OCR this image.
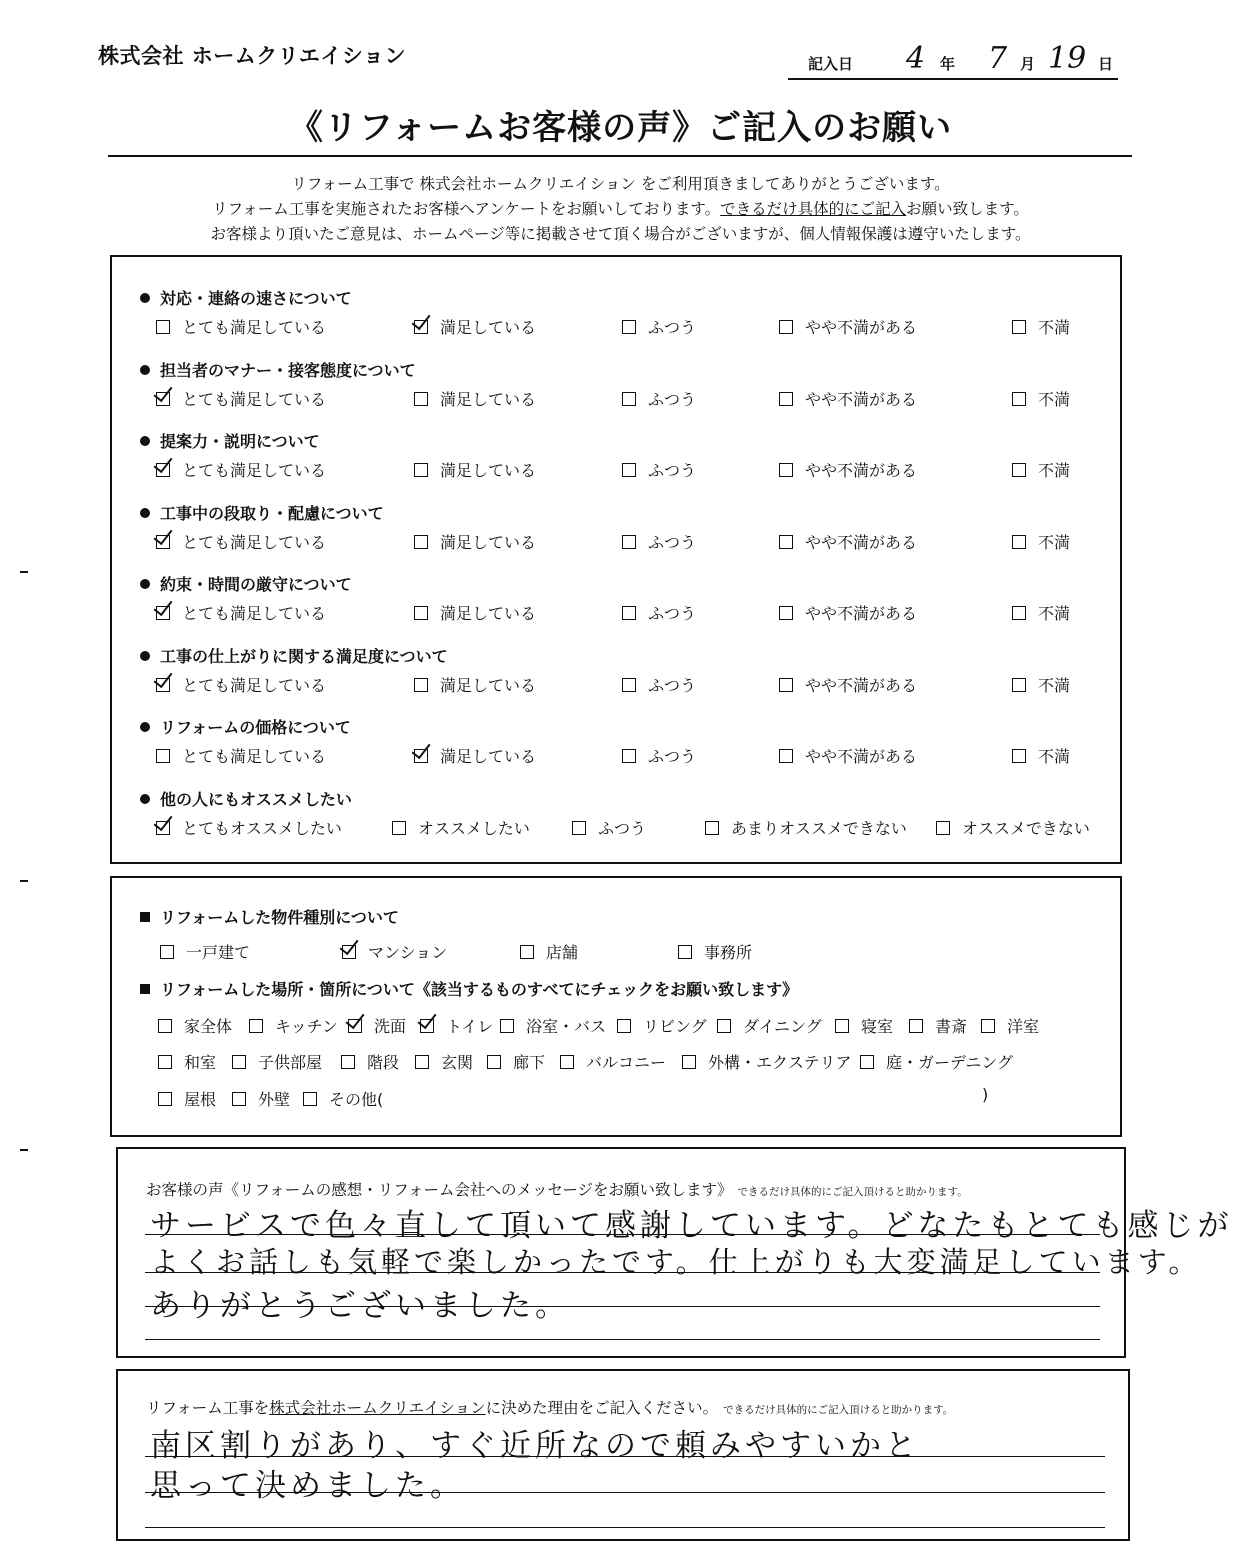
株式会社 ホームクリエイション	記入日 4 年 7 月 19 日
《リフォームお客様の声》ご記入のお願い
リフォーム工事で 株式会社ホームクリエイション をご利用頂きましてありがとうございます。
リフォーム工事を実施されたお客様へアンケートをお願いしております。できるだけ具体的にご記入お願い致します。
お客様より頂いたご意見は、ホームページ等に掲載させて頂く場合がございますが、個人情報保護は遵守いたします。
対応・連絡の速さについて
とても満足している	満足している	ふつう	やや不満がある	不満
担当者のマナー・接客態度について
とても満足している	満足している	ふつう	やや不満がある	不満
提案力・説明について
とても満足している	満足している	ふつう	やや不満がある	不満
工事中の段取り・配慮について
とても満足している	満足している	ふつう	やや不満がある	不満
約束・時間の厳守について
とても満足している	満足している	ふつう	やや不満がある	不満
工事の仕上がりに関する満足度について
とても満足している	満足している	ふつう	やや不満がある	不満
リフォームの価格について
とても満足している	満足している	ふつう	やや不満がある	不満
他の人にもオススメしたい
とてもオススメしたい	オススメしたい	ふつう	あまりオススメできない	オススメできない
リフォームした物件種別について
一戸建て	マンション	店舗	事務所
リフォームした場所・箇所について《該当するものすべてにチェックをお願い致します》
家全体	キッチン	洗面	トイレ	浴室・バス	リビング	ダイニング	寝室	書斎	洋室
和室	子供部屋	階段	玄関	廊下	バルコニー	外構・エクステリア	庭・ガーデニング
屋根	外壁	その他(	)
お客様の声《リフォームの感想・リフォーム会社へのメッセージをお願い致します》 できるだけ具体的にご記入頂けると助かります。
サービスで色々直して頂いて感謝しています。どなたもとても感じが
よくお話しも気軽で楽しかったです。仕上がりも大変満足しています。
ありがとうございました。
リフォーム工事を株式会社ホームクリエイションに決めた理由をご記入ください。 できるだけ具体的にご記入頂けると助かります。
南区割りがあり、すぐ近所なので頼みやすいかと
思って決めました。
